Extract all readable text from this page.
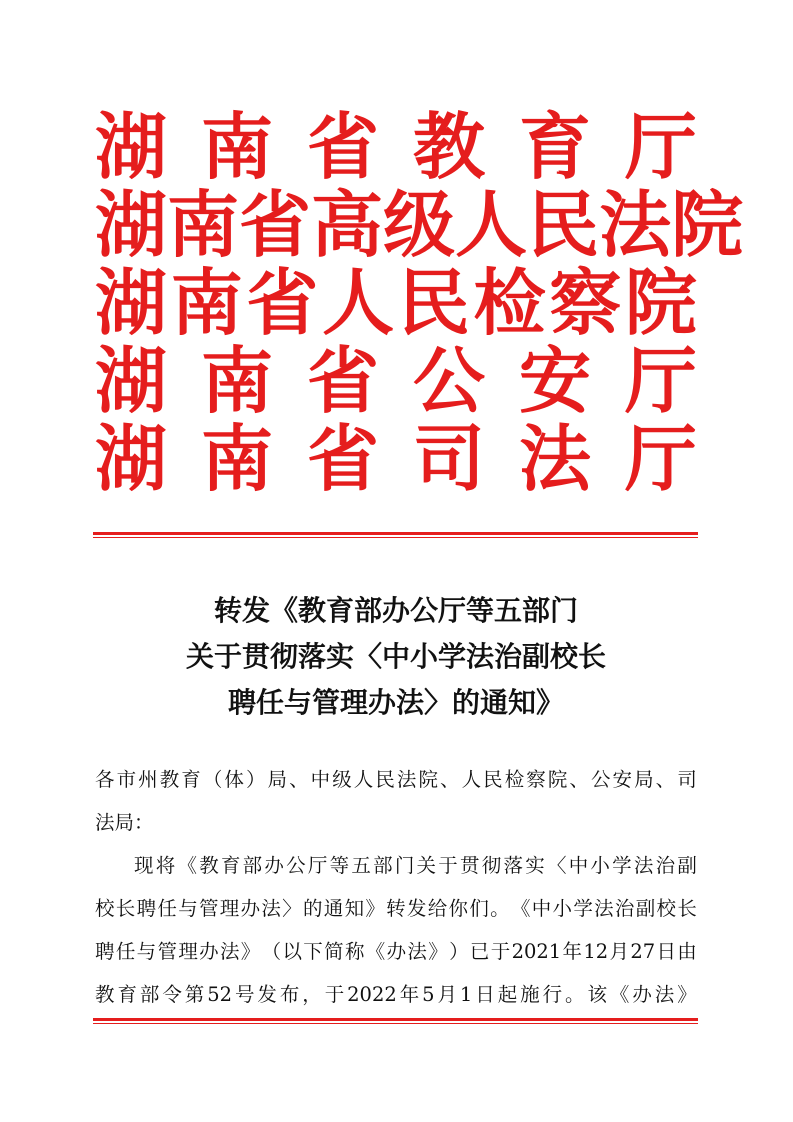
湖 南 省 教 育 厅
湖 南 省 高 级 人 民 法 院
湖 南 省 人 民 检 察 院
湖 南 省 公 安 厅
湖 南 省 司 法 厅
转发《教育部办公厅等五部门
关于贯彻落实〈中小学法治副校长
聘任与管理办法〉的通知》
各 市 州 教 育 （ 体 ） 局 、 中 级 人 民 法 院 、 人 民 检 察 院 、 公 安 局 、 司
法局：
现 将 《 教 育 部 办 公 厅 等 五 部 门 关 于 贯 彻 落 实 〈 中 小 学 法 治 副
校 长 聘 任 与 管 理 办 法 〉 的 通 知 》 转 发 给 你 们 。 《 中 小 学 法 治 副 校 长
聘 任 与 管 理 办 法 》 （ 以 下 简 称 《 办 法 》 ） 已 于 2021 年 12 月 27 日 由
教 育 部 令 第 52 号 发 布 ， 于 2022 年 5 月 1 日 起 施 行 。 该 《 办 法 》
